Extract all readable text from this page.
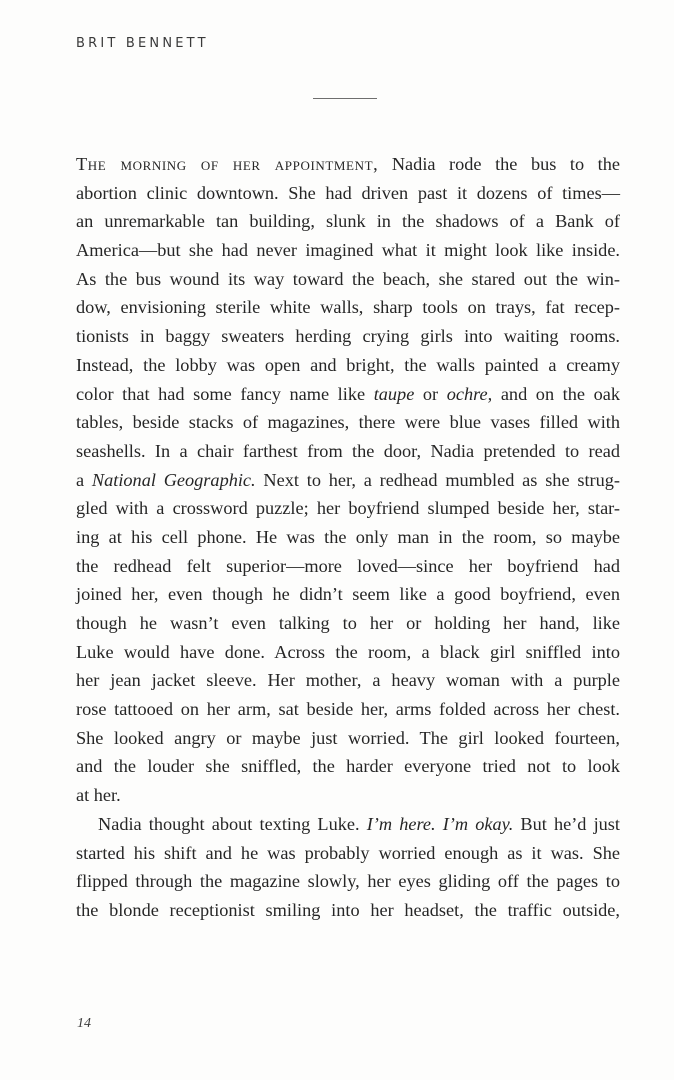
BRIT BENNETT
The morning of her appointment, Nadia rode the bus to the
abortion clinic downtown. She had driven past it dozens of times—
an unremarkable tan building, slunk in the shadows of a Bank of
America—but she had never imagined what it might look like inside.
As the bus wound its way toward the beach, she stared out the win-
dow, envisioning sterile white walls, sharp tools on trays, fat recep-
tionists in baggy sweaters herding crying girls into waiting rooms.
Instead, the lobby was open and bright, the walls painted a creamy
color that had some fancy name like taupe or ochre, and on the oak
tables, beside stacks of magazines, there were blue vases filled with
seashells. In a chair farthest from the door, Nadia pretended to read
a National Geographic. Next to her, a redhead mumbled as she strug-
gled with a crossword puzzle; her boyfriend slumped beside her, star-
ing at his cell phone. He was the only man in the room, so maybe
the redhead felt superior—more loved—since her boyfriend had
joined her, even though he didn’t seem like a good boyfriend, even
though he wasn’t even talking to her or holding her hand, like
Luke would have done. Across the room, a black girl sniffled into
her jean jacket sleeve. Her mother, a heavy woman with a purple
rose tattooed on her arm, sat beside her, arms folded across her chest.
She looked angry or maybe just worried. The girl looked fourteen,
and the louder she sniffled, the harder everyone tried not to look
at her.
Nadia thought about texting Luke. I’m here. I’m okay. But he’d just
started his shift and he was probably worried enough as it was. She
flipped through the magazine slowly, her eyes gliding off the pages to
the blonde receptionist smiling into her headset, the traffic outside,
14
